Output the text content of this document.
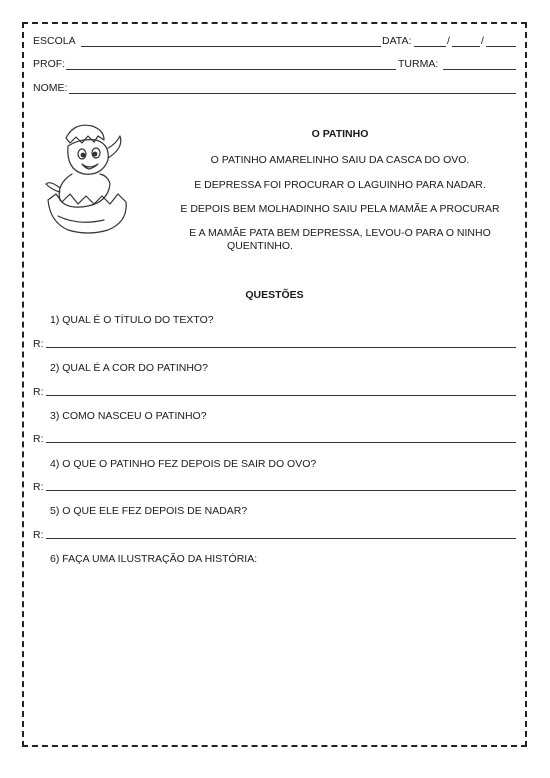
ESCOLA	DATA:	/	/
PROF:	TURMA:
NOME:
O PATINHO
O PATINHO AMARELINHO SAIU DA CASCA DO OVO.
E DEPRESSA FOI PROCURAR O LAGUINHO PARA NADAR.
E DEPOIS BEM MOLHADINHO SAIU PELA MAMÃE A PROCURAR
E A MAMÃE PATA BEM DEPRESSA, LEVOU-O PARA O NINHO
QUENTINHO.
QUESTÕES
1) QUAL É O TÍTULO DO TEXTO?
R:
2) QUAL É A COR DO PATINHO?
R:
3) COMO NASCEU O PATINHO?
R:
4) O QUE O PATINHO FEZ DEPOIS DE SAIR DO OVO?
R:
5) O QUE ELE FEZ DEPOIS DE NADAR?
R:
6) FAÇA UMA ILUSTRAÇÃO DA HISTÓRIA:
